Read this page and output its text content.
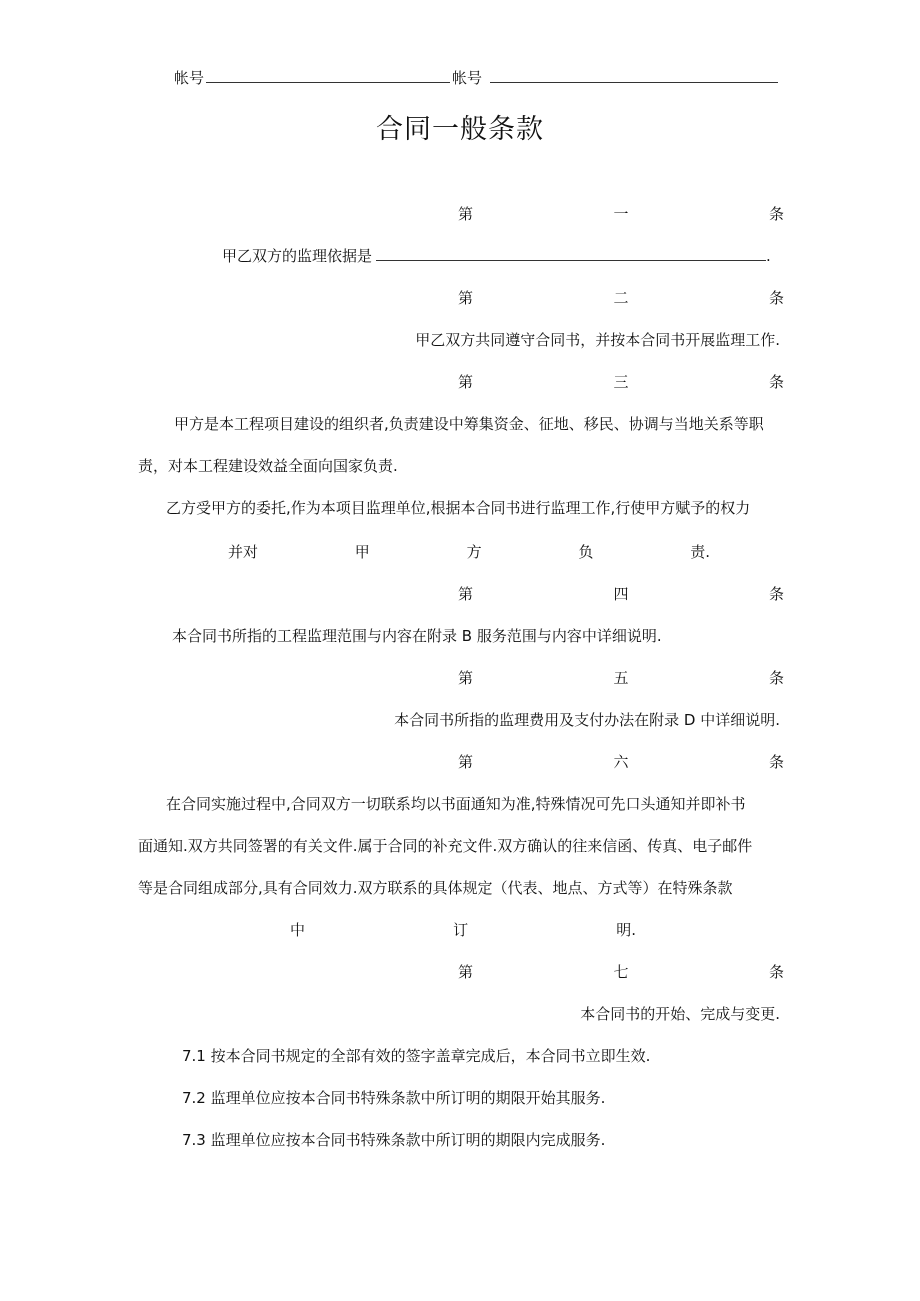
帐号	帐号
合同一般条款
第	一	条
甲乙双方的监理依据是	.
第	二	条
甲乙双方共同遵守合同书，并按本合同书开展监理工作.
第	三	条
甲方是本工程项目建设的组织者,负责建设中筹集资金、征地、移民、协调与当地关系等职
责，对本工程建设效益全面向国家负责.
乙方受甲方的委托,作为本项目监理单位,根据本合同书进行监理工作,行使甲方赋予的权力
并对	甲	方	负	责.
第	四	条
本合同书所指的工程监理范围与内容在附录 B 服务范围与内容中详细说明.
第	五	条
本合同书所指的监理费用及支付办法在附录 D 中详细说明.
第	六	条
在合同实施过程中,合同双方一切联系均以书面通知为准,特殊情况可先口头通知并即补书
面通知.双方共同签署的有关文件.属于合同的补充文件.双方确认的往来信函、传真、电子邮件
等是合同组成部分,具有合同效力.双方联系的具体规定（代表、地点、方式等）在特殊条款
中	订	明.
第	七	条
本合同书的开始、完成与变更.
7.1 按本合同书规定的全部有效的签字盖章完成后，本合同书立即生效.
7.2 监理单位应按本合同书特殊条款中所订明的期限开始其服务.
7.3 监理单位应按本合同书特殊条款中所订明的期限内完成服务.
